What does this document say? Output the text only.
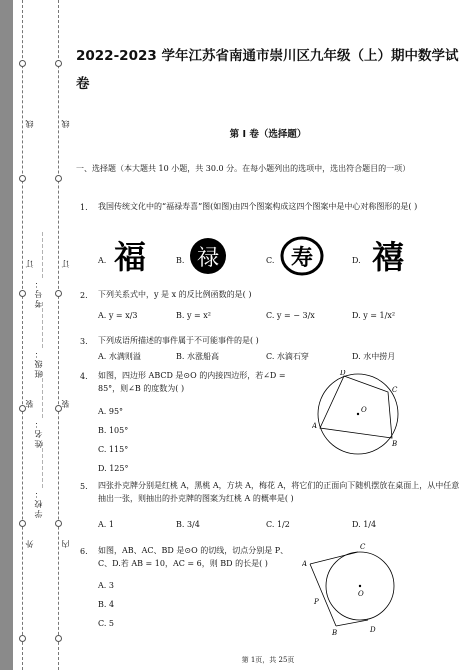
外
装
订
线
内
装
订
线
学校：________
姓名：________
班级：________
考号：________
2022-2023 学年江苏省南通市崇川区九年级（上）期中数学试卷
第 I 卷（选择题）
一、选择题（本大题共 10 小题，共 30.0 分。在每小题列出的选项中，选出符合题目的一项）
1. 我国传统文化中的“福禄寿喜”图(如图)由四个图案构成这四个图案中是中心对称图形的是( )
A. 福	B. 禄	C. 寿	D. 禧
2. 下列关系式中，y 是 x 的反比例函数的是( )
A. y = x/3	B. y = x²	C. y = − 3/x	D. y = 1/x²
3. 下列成语所描述的事件属于不可能事件的是( )
A. 水满则溢	B. 水涨船高	C. 水滴石穿	D. 水中捞月
4. 如图，四边形 ABCD 是⊙O 的内接四边形，若∠D = 85°，则∠B 的度数为( )
A. 95°
B. 105°
C. 115°
D. 125°
D
C
O
A
B
5. 四张扑克牌分别是红桃 A，黑桃 A，方块 A，梅花 A，将它们的正面向下随机摆放在桌面上，从中任意抽出一张，则抽出的扑克牌的图案为红桃 A 的概率是( )
A. 1	B. 3/4	C. 1/2	D. 1/4
6. 如图，AB、AC、BD 是⊙O 的切线，切点分别是 P、C、D.若 AB = 10，AC = 6，则 BD 的长是( )
A. 3
B. 4
C. 5
C
A
O
P
D
B
第 1页，共 25页
